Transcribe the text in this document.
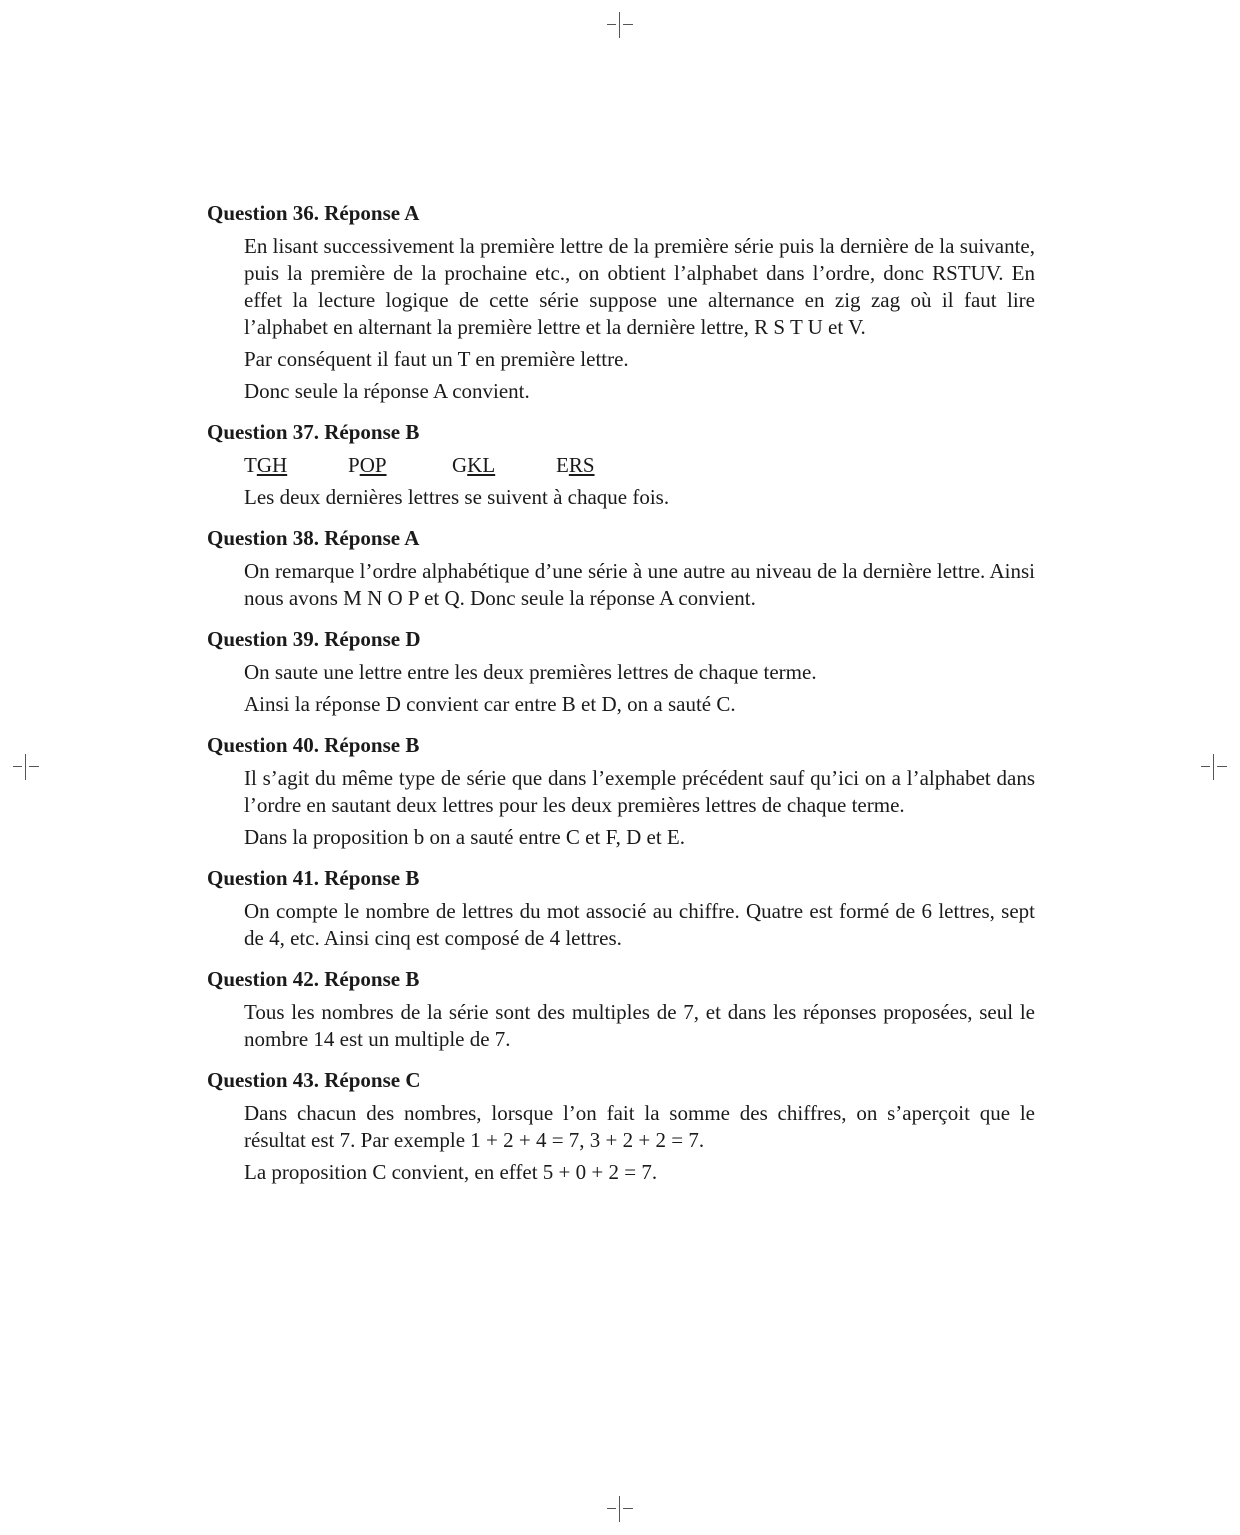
Question 36. Réponse A

En lisant successivement la première lettre de la première série puis la dernière de la suivante, puis la première de la prochaine etc., on obtient l’alphabet dans l’ordre, donc RSTUV. En effet la lecture logique de cette série suppose une alternance en zig zag où il faut lire l’alphabet en alternant la première lettre et la dernière lettre, R S T U et V.

Par conséquent il faut un T en première lettre.

Donc seule la réponse A convient.

Question 37. Réponse B
TGH	POP	GKL	ERS

Les deux dernières lettres se suivent à chaque fois.

Question 38. Réponse A

On remarque l’ordre alphabétique d’une série à une autre au niveau de la dernière lettre. Ainsi nous avons M N O P et Q. Donc seule la réponse A convient.

Question 39. Réponse D

On saute une lettre entre les deux premières lettres de chaque terme.

Ainsi la réponse D convient car entre B et D, on a sauté C.

Question 40. Réponse B

Il s’agit du même type de série que dans l’exemple précédent sauf qu’ici on a l’alphabet dans l’ordre en sautant deux lettres pour les deux premières lettres de chaque terme.

Dans la proposition b on a sauté entre C et F, D et E.

Question 41. Réponse B

On compte le nombre de lettres du mot associé au chiffre. Quatre est formé de 6 lettres, sept de 4, etc. Ainsi cinq est composé de 4 lettres.

Question 42. Réponse B

Tous les nombres de la série sont des multiples de 7, et dans les réponses proposées, seul le nombre 14 est un multiple de 7.

Question 43. Réponse C

Dans chacun des nombres, lorsque l’on fait la somme des chiffres, on s’aperçoit que le résultat est 7. Par exemple 1 + 2 + 4 = 7, 3 + 2 + 2 = 7.

La proposition C convient, en effet 5 + 0 + 2 = 7.
